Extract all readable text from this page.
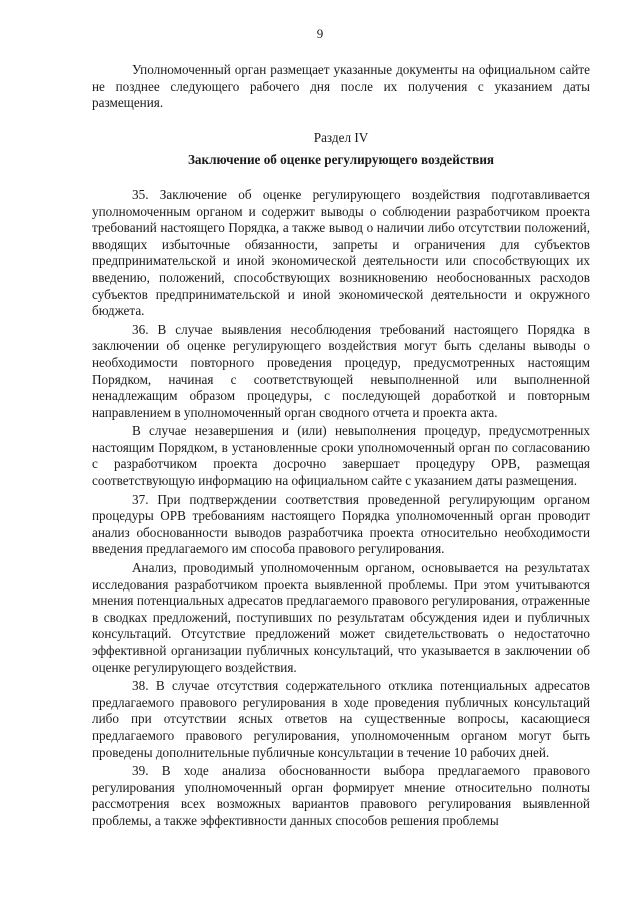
9

Уполномоченный орган размещает указанные документы на официальном сайте не позднее следующего рабочего дня после их получения с указанием даты размещения.

Раздел IV

Заключение об оценке регулирующего воздействия

35. Заключение об оценке регулирующего воздействия подготавливается уполномоченным органом и содержит выводы о соблюдении разработчиком проекта требований настоящего Порядка, а также вывод о наличии либо отсутствии положений, вводящих избыточные обязанности, запреты и ограничения для субъектов предпринимательской и иной экономической деятельности или способствующих их введению, положений, способствующих возникновению необоснованных расходов субъектов предпринимательской и иной экономической деятельности и окружного бюджета.

36. В случае выявления несоблюдения требований настоящего Порядка в заключении об оценке регулирующего воздействия могут быть сделаны выводы о необходимости повторного проведения процедур, предусмотренных настоящим Порядком, начиная с соответствующей невыполненной или выполненной ненадлежащим образом процедуры, с последующей доработкой и повторным направлением в уполномоченный орган сводного отчета и проекта акта.

В случае незавершения и (или) невыполнения процедур, предусмотренных настоящим Порядком, в установленные сроки уполномоченный орган по согласованию с разработчиком проекта досрочно завершает процедуру ОРВ, размещая соответствующую информацию на официальном сайте с указанием даты размещения.

37. При подтверждении соответствия проведенной регулирующим органом процедуры ОРВ требованиям настоящего Порядка уполномоченный орган проводит анализ обоснованности выводов разработчика проекта относительно необходимости введения предлагаемого им способа правового регулирования.

Анализ, проводимый уполномоченным органом, основывается на результатах исследования разработчиком проекта выявленной проблемы. При этом учитываются мнения потенциальных адресатов предлагаемого правового регулирования, отраженные в сводках предложений, поступивших по результатам обсуждения идеи и публичных консультаций. Отсутствие предложений может свидетельствовать о недостаточно эффективной организации публичных консультаций, что указывается в заключении об оценке регулирующего воздействия.

38. В случае отсутствия содержательного отклика потенциальных адресатов предлагаемого правового регулирования в ходе проведения публичных консультаций либо при отсутствии ясных ответов на существенные вопросы, касающиеся предлагаемого правового регулирования, уполномоченным органом могут быть проведены дополнительные публичные консультации в течение 10 рабочих дней.

39. В ходе анализа обоснованности выбора предлагаемого правового регулирования уполномоченный орган формирует мнение относительно полноты рассмотрения всех возможных вариантов правового регулирования выявленной проблемы, а также эффективности данных способов решения проблемы
